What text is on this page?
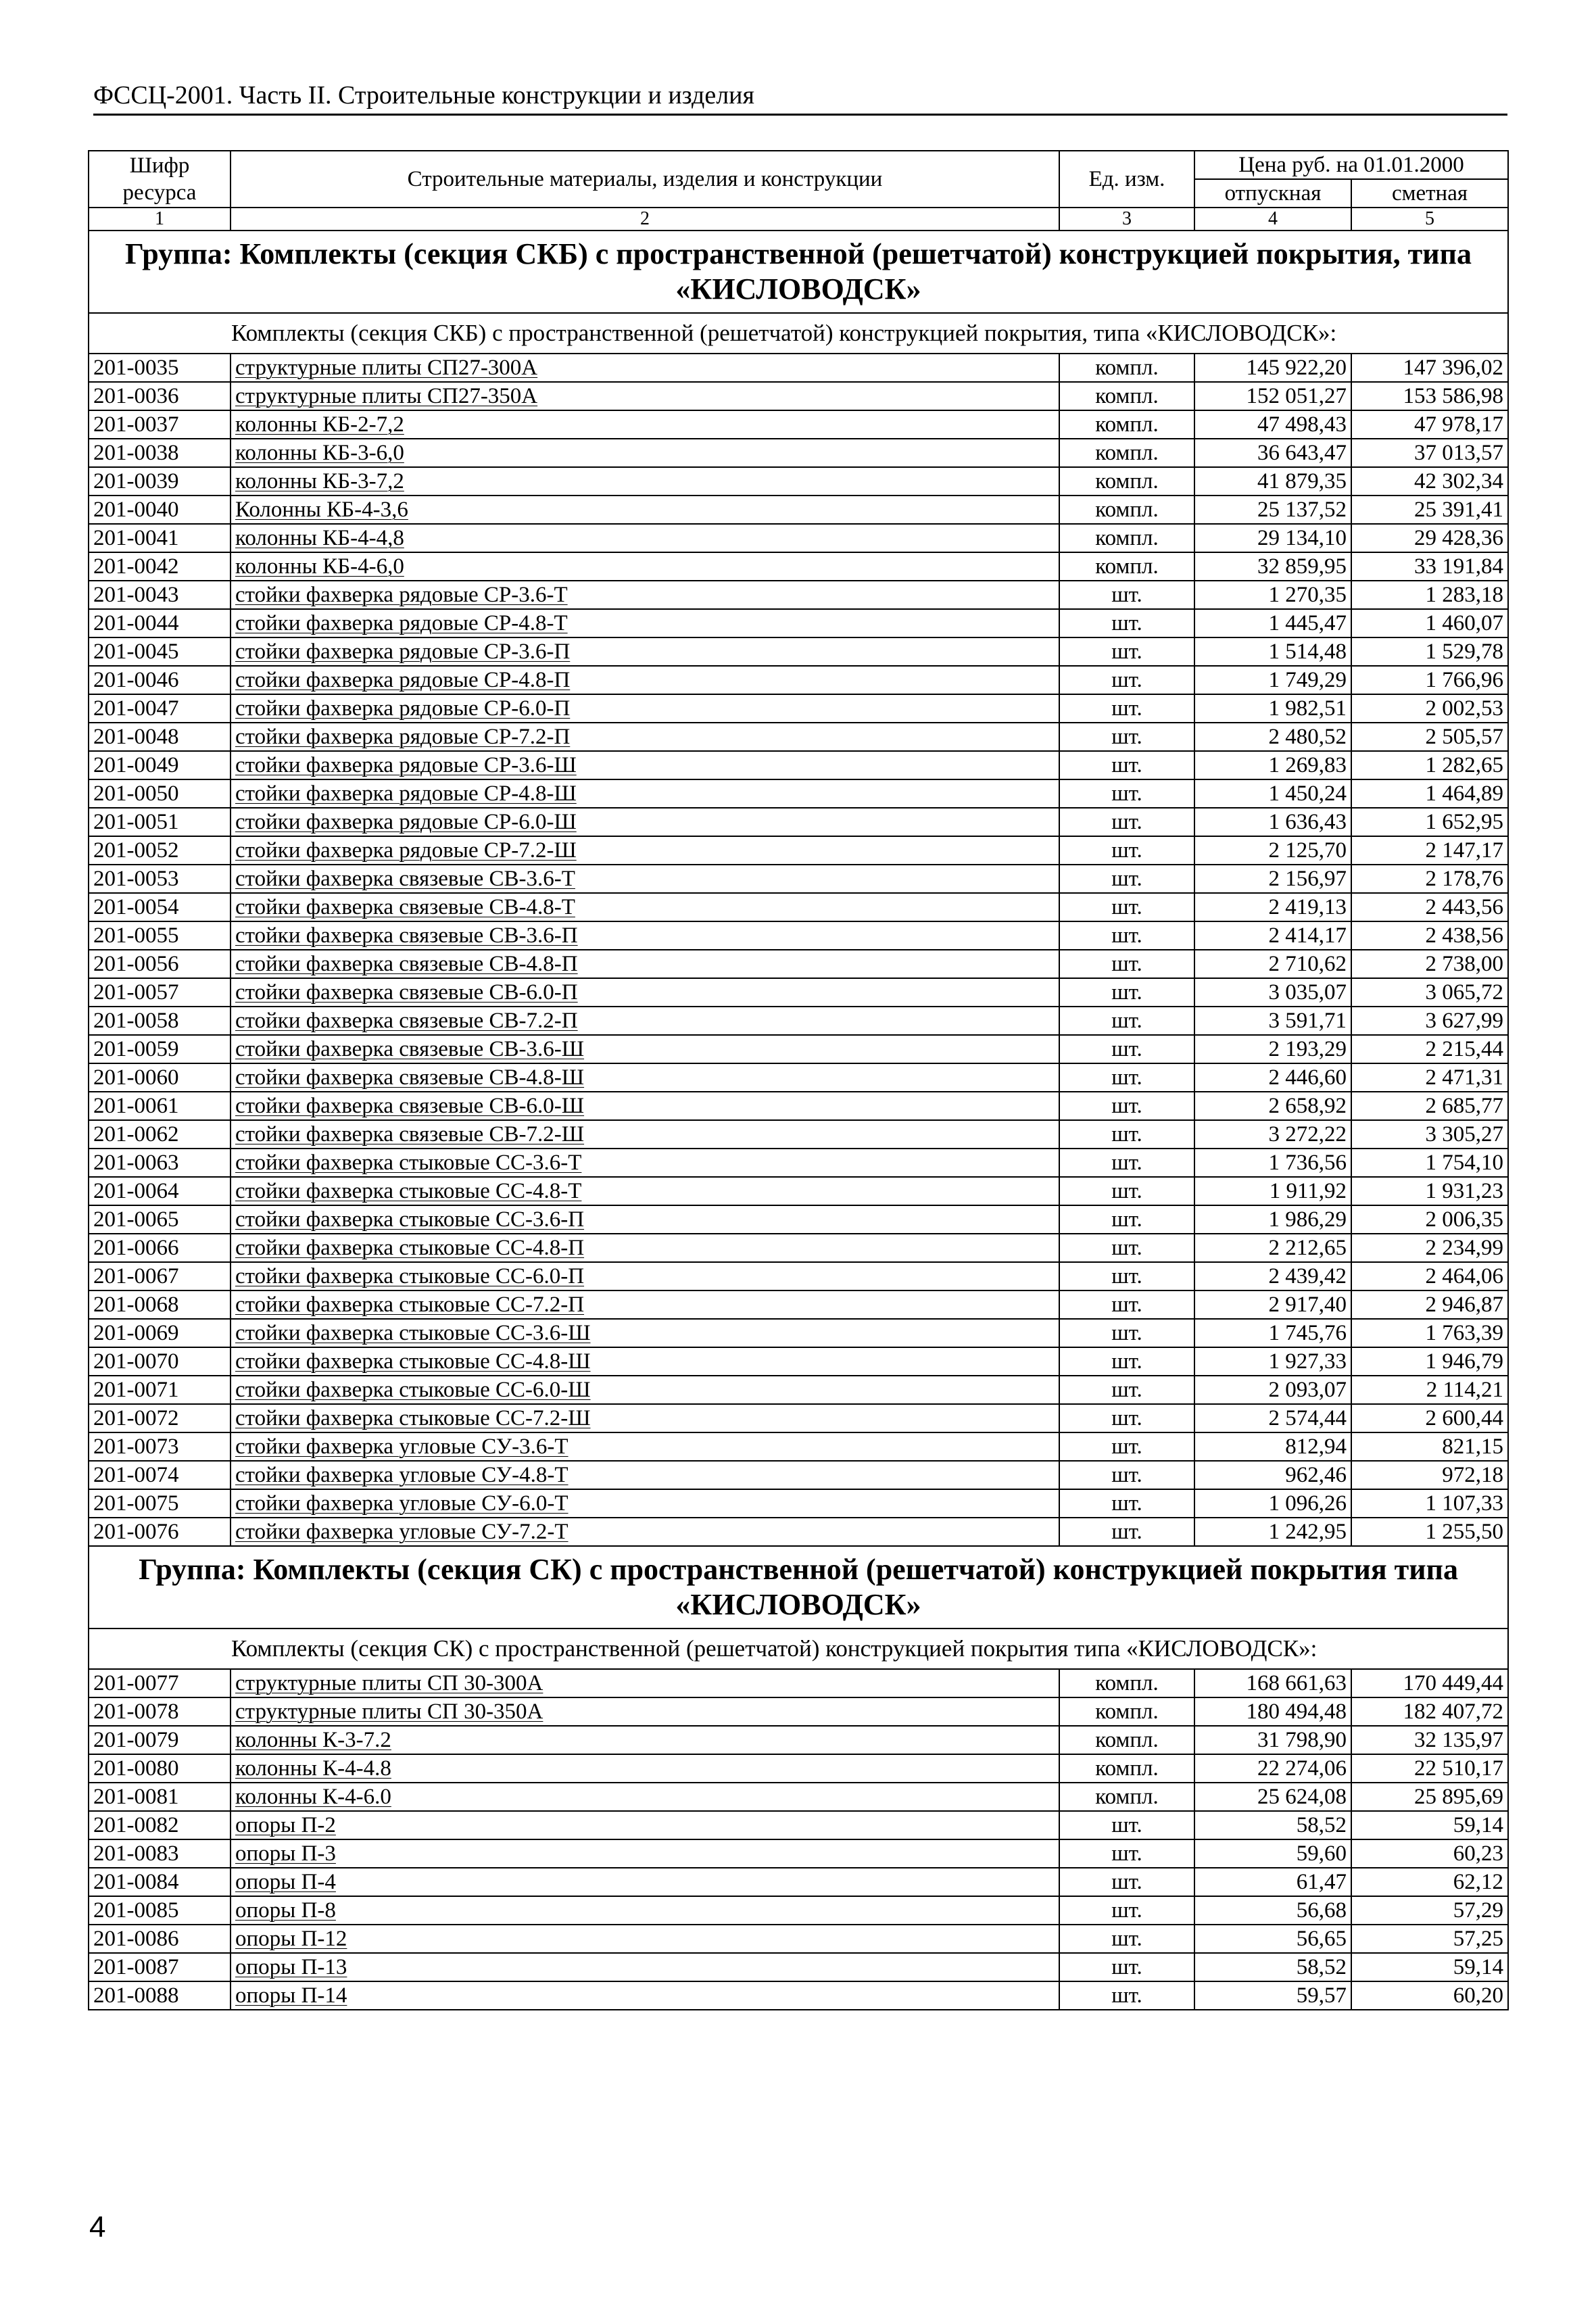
ФССЦ-2001. Часть II. Строительные конструкции и изделия
Шифр ресурса	Строительные материалы, изделия и конструкции	Ед. изм.	Цена руб. на 01.01.2000	
			отпускная	сметная
1	2	3	4	5
Группа: Комплекты (секция СКБ) с пространственной (решетчатой) конструкцией покрытия, типа «КИСЛОВОДСК»				
Комплекты (секция СКБ) с пространственной (решетчатой) конструкцией покрытия, типа «КИСЛОВОДСК»:				
201-0035	структурные плиты СП27-300А	компл.	145 922,20	147 396,02
201-0036	структурные плиты СП27-350А	компл.	152 051,27	153 586,98
201-0037	колонны КБ-2-7,2	компл.	47 498,43	47 978,17
201-0038	колонны КБ-3-6,0	компл.	36 643,47	37 013,57
201-0039	колонны КБ-3-7,2	компл.	41 879,35	42 302,34
201-0040	Колонны КБ-4-3,6	компл.	25 137,52	25 391,41
201-0041	колонны КБ-4-4,8	компл.	29 134,10	29 428,36
201-0042	колонны КБ-4-6,0	компл.	32 859,95	33 191,84
201-0043	стойки фахверка рядовые СР-3.6-Т	шт.	1 270,35	1 283,18
201-0044	стойки фахверка рядовые СР-4.8-Т	шт.	1 445,47	1 460,07
201-0045	стойки фахверка рядовые СР-3.6-П	шт.	1 514,48	1 529,78
201-0046	стойки фахверка рядовые СР-4.8-П	шт.	1 749,29	1 766,96
201-0047	стойки фахверка рядовые СР-6.0-П	шт.	1 982,51	2 002,53
201-0048	стойки фахверка рядовые СР-7.2-П	шт.	2 480,52	2 505,57
201-0049	стойки фахверка рядовые СР-3.6-Ш	шт.	1 269,83	1 282,65
201-0050	стойки фахверка рядовые СР-4.8-Ш	шт.	1 450,24	1 464,89
201-0051	стойки фахверка рядовые СР-6.0-Ш	шт.	1 636,43	1 652,95
201-0052	стойки фахверка рядовые СР-7.2-Ш	шт.	2 125,70	2 147,17
201-0053	стойки фахверка связевые СВ-3.6-Т	шт.	2 156,97	2 178,76
201-0054	стойки фахверка связевые СВ-4.8-Т	шт.	2 419,13	2 443,56
201-0055	стойки фахверка связевые СВ-3.6-П	шт.	2 414,17	2 438,56
201-0056	стойки фахверка связевые СВ-4.8-П	шт.	2 710,62	2 738,00
201-0057	стойки фахверка связевые СВ-6.0-П	шт.	3 035,07	3 065,72
201-0058	стойки фахверка связевые СВ-7.2-П	шт.	3 591,71	3 627,99
201-0059	стойки фахверка связевые СВ-3.6-Ш	шт.	2 193,29	2 215,44
201-0060	стойки фахверка связевые СВ-4.8-Ш	шт.	2 446,60	2 471,31
201-0061	стойки фахверка связевые СВ-6.0-Ш	шт.	2 658,92	2 685,77
201-0062	стойки фахверка связевые СВ-7.2-Ш	шт.	3 272,22	3 305,27
201-0063	стойки фахверка стыковые СС-3.6-Т	шт.	1 736,56	1 754,10
201-0064	стойки фахверка стыковые СС-4.8-Т	шт.	1 911,92	1 931,23
201-0065	стойки фахверка стыковые СС-3.6-П	шт.	1 986,29	2 006,35
201-0066	стойки фахверка стыковые СС-4.8-П	шт.	2 212,65	2 234,99
201-0067	стойки фахверка стыковые СС-6.0-П	шт.	2 439,42	2 464,06
201-0068	стойки фахверка стыковые СС-7.2-П	шт.	2 917,40	2 946,87
201-0069	стойки фахверка стыковые СС-3.6-Ш	шт.	1 745,76	1 763,39
201-0070	стойки фахверка стыковые СС-4.8-Ш	шт.	1 927,33	1 946,79
201-0071	стойки фахверка стыковые СС-6.0-Ш	шт.	2 093,07	2 114,21
201-0072	стойки фахверка стыковые СС-7.2-Ш	шт.	2 574,44	2 600,44
201-0073	стойки фахверка угловые СУ-3.6-Т	шт.	812,94	821,15
201-0074	стойки фахверка угловые СУ-4.8-Т	шт.	962,46	972,18
201-0075	стойки фахверка угловые СУ-6.0-Т	шт.	1 096,26	1 107,33
201-0076	стойки фахверка угловые СУ-7.2-Т	шт.	1 242,95	1 255,50
Группа: Комплекты (секция СК) с пространственной (решетчатой) конструкцией покрытия типа «КИСЛОВОДСК»				
Комплекты (секция СК) с пространственной (решетчатой) конструкцией покрытия типа «КИСЛОВОДСК»:				
201-0077	структурные плиты СП 30-300А	компл.	168 661,63	170 449,44
201-0078	структурные плиты СП 30-350А	компл.	180 494,48	182 407,72
201-0079	колонны К-3-7.2	компл.	31 798,90	32 135,97
201-0080	колонны К-4-4.8	компл.	22 274,06	22 510,17
201-0081	колонны К-4-6.0	компл.	25 624,08	25 895,69
201-0082	опоры П-2	шт.	58,52	59,14
201-0083	опоры П-3	шт.	59,60	60,23
201-0084	опоры П-4	шт.	61,47	62,12
201-0085	опоры П-8	шт.	56,68	57,29
201-0086	опоры П-12	шт.	56,65	57,25
201-0087	опоры П-13	шт.	58,52	59,14
201-0088	опоры П-14	шт.	59,57	60,20
4
